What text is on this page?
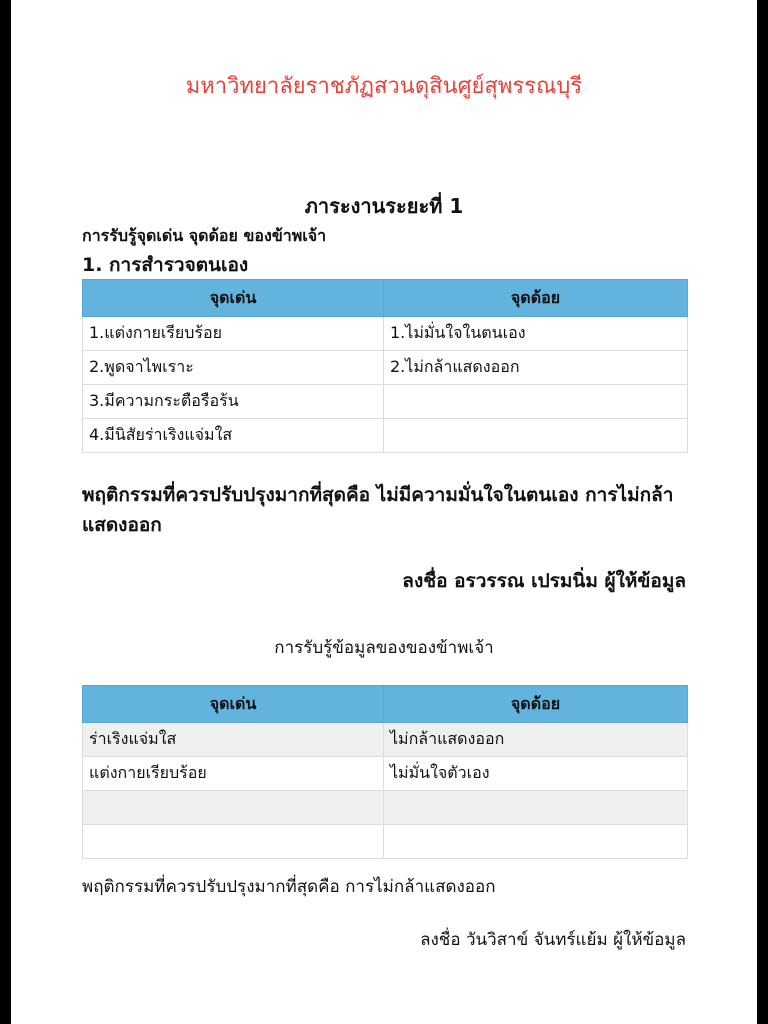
มหาวิทยาลัยราชภัฏสวนดุสินศูย์สุพรรณบุรี
ภาระงานระยะที่ 1
การรับรู้จุดเด่น จุดด้อย ของข้าพเจ้า
1. การสำรวจตนเอง
จุดเด่น	จุดด้อย
1.แต่งกายเรียบร้อย	1.ไม่มั่นใจในตนเอง
2.พูดจาไพเราะ	2.ไม่กล้าแสดงออก
3.มีความกระตือรือร้น	
4.มีนิสัยร่าเริงแจ่มใส	
พฤติกรรมที่ควรปรับปรุงมากที่สุดคือ ไม่มีความมั่นใจในตนเอง การไม่กล้าแสดงออก
ลงชื่อ อรวรรณ เปรมนิ่ม ผู้ให้ข้อมูล
การรับรู้ข้อมูลของของข้าพเจ้า
จุดเด่น	จุดด้อย
ร่าเริงแจ่มใส	ไม่กล้าแสดงออก
แต่งกายเรียบร้อย	ไม่มั่นใจตัวเอง

พฤติกรรมที่ควรปรับปรุงมากที่สุดคือ การไม่กล้าแสดงออก
ลงชื่อ วันวิสาข์ จันทร์แย้ม ผู้ให้ข้อมูล
